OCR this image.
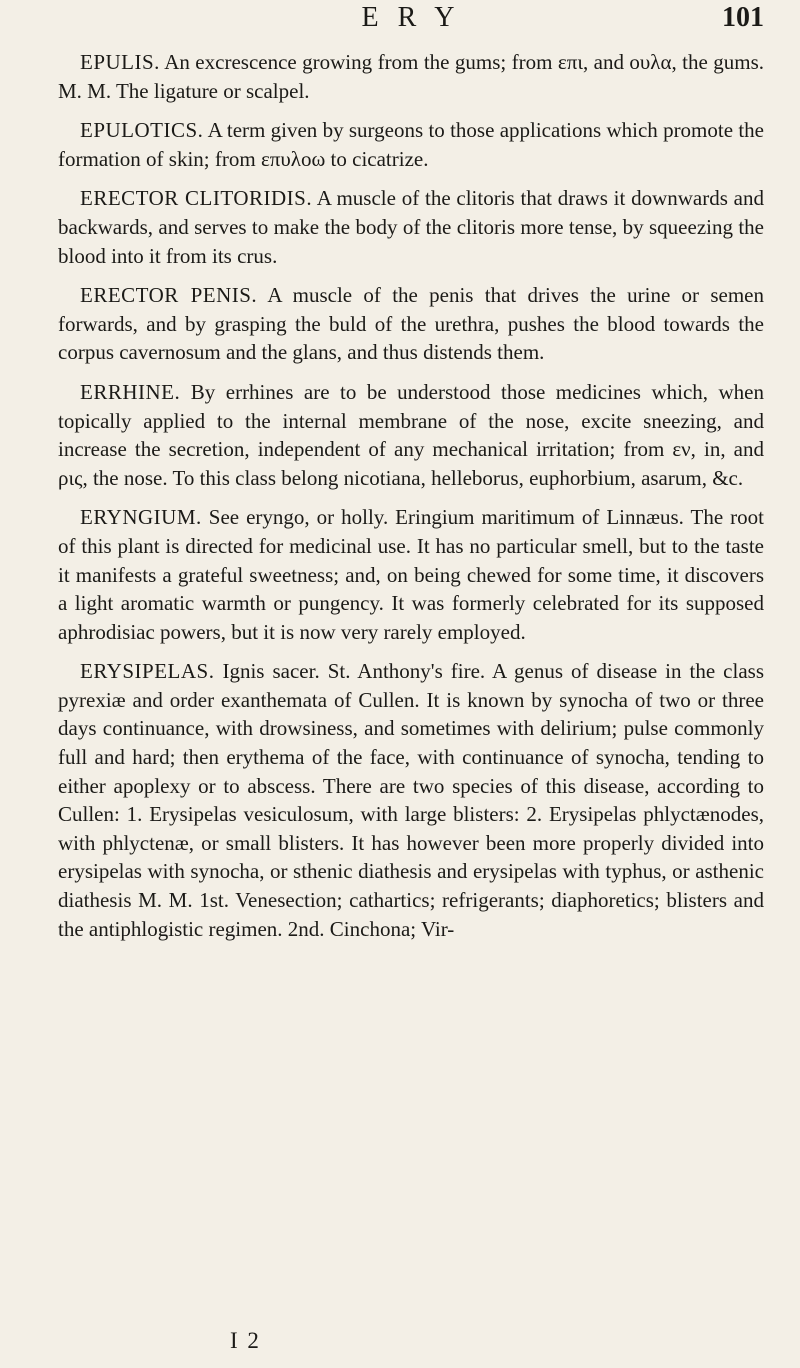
E R Y	101

EPULIS. An excrescence growing from the gums; from επι, and ουλα, the gums. M. M. The ligature or scalpel.

EPULOTICS. A term given by surgeons to those applications which promote the formation of skin; from επυλοω to cicatrize.

ERECTOR CLITORIDIS. A muscle of the clitoris that draws it downwards and backwards, and serves to make the body of the clitoris more tense, by squeezing the blood into it from its crus.

ERECTOR PENIS. A muscle of the penis that drives the urine or semen forwards, and by grasping the buld of the urethra, pushes the blood towards the corpus cavernosum and the glans, and thus distends them.

ERRHINE. By errhines are to be understood those medicines which, when topically applied to the internal membrane of the nose, excite sneezing, and increase the secretion, independent of any mechanical irritation; from εν, in, and ρις, the nose. To this class belong nicotiana, helleborus, euphorbium, asarum, &c.

ERYNGIUM. See eryngo, or holly. Eringium maritimum of Linnæus. The root of this plant is directed for medicinal use. It has no particular smell, but to the taste it manifests a grateful sweetness; and, on being chewed for some time, it discovers a light aromatic warmth or pungency. It was formerly celebrated for its supposed aphrodisiac powers, but it is now very rarely employed.

ERYSIPELAS. Ignis sacer. St. Anthony's fire. A genus of disease in the class pyrexiæ and order exanthemata of Cullen. It is known by synocha of two or three days continuance, with drowsiness, and sometimes with delirium; pulse commonly full and hard; then erythema of the face, with continuance of synocha, tending to either apoplexy or to abscess. There are two species of this disease, according to Cullen: 1. Erysipelas vesiculosum, with large blisters: 2. Erysipelas phlyctænodes, with phlyctenæ, or small blisters. It has however been more properly divided into erysipelas with synocha, or sthenic diathesis and erysipelas with typhus, or asthenic diathesis M. M. 1st. Venesection; cathartics; refrigerants; diaphoretics; blisters and the antiphlogistic regimen. 2nd. Cinchona; Vir-

I 2
